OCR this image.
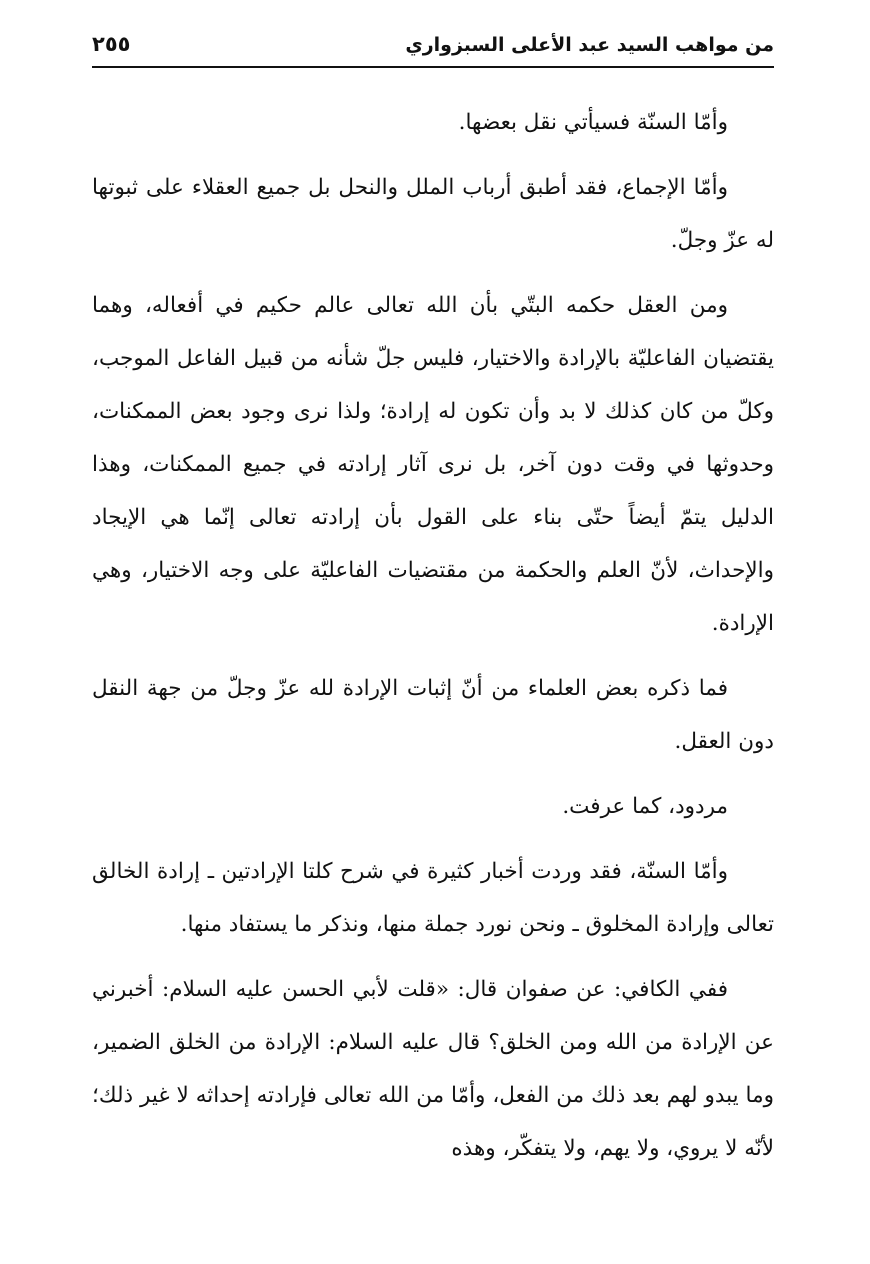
من مواهب السيد عبد الأعلى السبزواري
٢٥٥

وأمّا السنّة فسيأتي نقل بعضها.

وأمّا الإجماع، فقد أطبق أرباب الملل والنحل بل جميع العقلاء على ثبوتها له عزّ وجلّ.

ومن العقل حكمه البتّي بأن الله تعالى عالم حكيم في أفعاله، وهما يقتضيان الفاعليّة بالإرادة والاختيار، فليس جلّ شأنه من قبيل الفاعل الموجب، وكلّ من كان كذلك لا بد وأن تكون له إرادة؛ ولذا نرى وجود بعض الممكنات، وحدوثها في وقت دون آخر، بل نرى آثار إرادته في جميع الممكنات، وهذا الدليل يتمّ أيضاً حتّى بناء على القول بأن إرادته تعالى إنّما هي الإيجاد والإحداث، لأنّ العلم والحكمة من مقتضيات الفاعليّة على وجه الاختيار، وهي الإرادة.

فما ذكره بعض العلماء من أنّ إثبات الإرادة لله عزّ وجلّ من جهة النقل دون العقل.

مردود، كما عرفت.

وأمّا السنّة، فقد وردت أخبار كثيرة في شرح كلتا الإرادتين ـ إرادة الخالق تعالى وإرادة المخلوق ـ ونحن نورد جملة منها، ونذكر ما يستفاد منها.

ففي الكافي: عن صفوان قال: «قلت لأبي الحسن عليه السلام: أخبرني عن الإرادة من الله ومن الخلق؟ قال عليه السلام: الإرادة من الخلق الضمير، وما يبدو لهم بعد ذلك من الفعل، وأمّا من الله تعالى فإرادته إحداثه لا غير ذلك؛ لأنّه لا يروي، ولا يهم، ولا يتفكّر، وهذه
